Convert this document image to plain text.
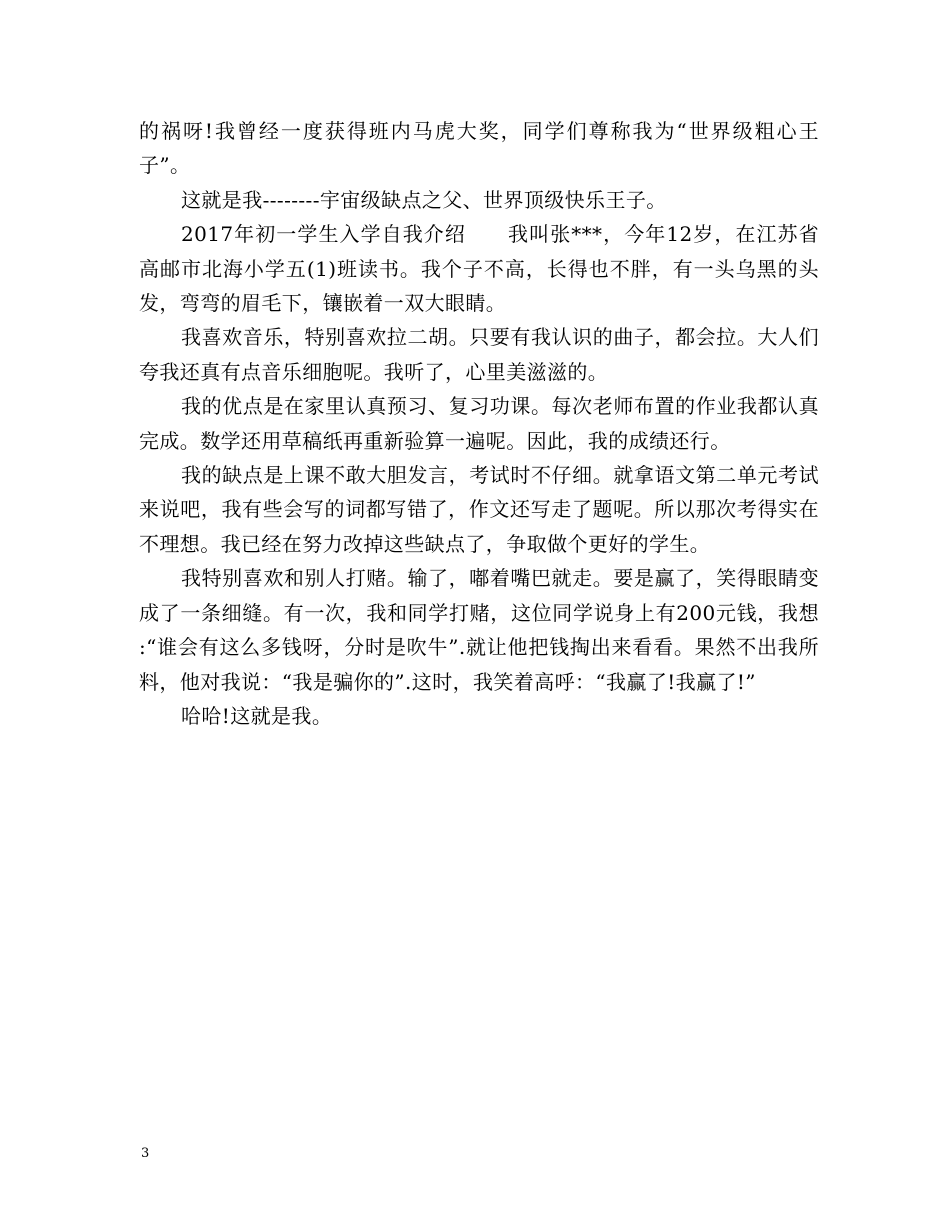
的祸呀!我曾经一度获得班内马虎大奖，同学们尊称我为“世界级粗心王子”。

这就是我--------宇宙级缺点之父、世界顶级快乐王子。

2017年初一学生入学自我介绍　　我叫张***，今年12岁，在江苏省高邮市北海小学五(1)班读书。我个子不高，长得也不胖，有一头乌黑的头发，弯弯的眉毛下，镶嵌着一双大眼睛。

我喜欢音乐，特别喜欢拉二胡。只要有我认识的曲子，都会拉。大人们夸我还真有点音乐细胞呢。我听了，心里美滋滋的。

我的优点是在家里认真预习、复习功课。每次老师布置的作业我都认真完成。数学还用草稿纸再重新验算一遍呢。因此，我的成绩还行。

我的缺点是上课不敢大胆发言，考试时不仔细。就拿语文第二单元考试来说吧，我有些会写的词都写错了，作文还写走了题呢。所以那次考得实在不理想。我已经在努力改掉这些缺点了，争取做个更好的学生。

我特别喜欢和别人打赌。输了，嘟着嘴巴就走。要是赢了，笑得眼睛变成了一条细缝。有一次，我和同学打赌，这位同学说身上有200元钱，我想 :“谁会有这么多钱呀，分时是吹牛”.就让他把钱掏出来看看。果然不出我所料，他对我说：“我是骗你的”.这时，我笑着高呼：“我赢了!我赢了!”

哈哈!这就是我。

3
